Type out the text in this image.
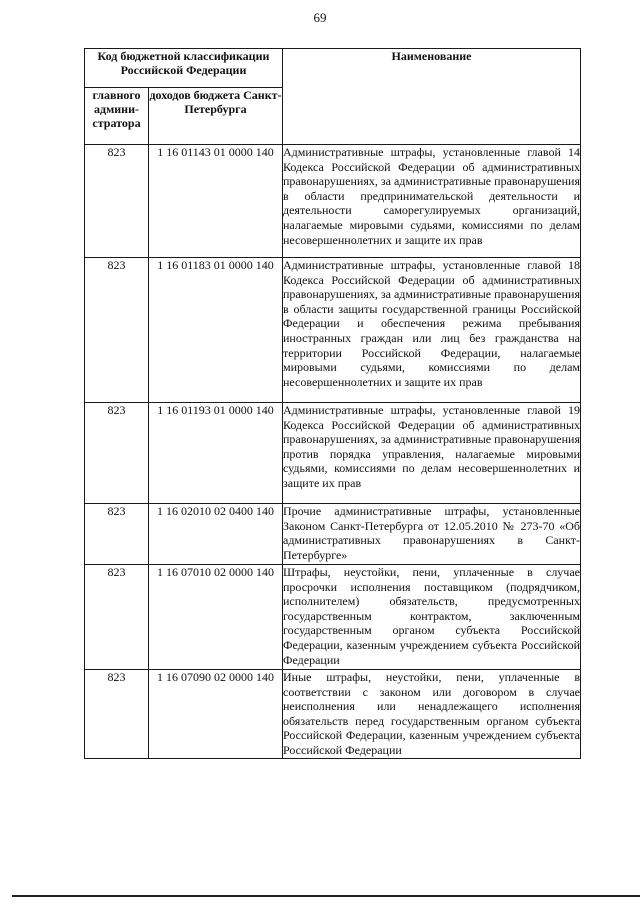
69
Код бюджетной классификации Российской Федерации		Наименование
главного админи-стратора	доходов бюджета Санкт-Петербурга	
823	1 16 01143 01 0000 140	Административные штрафы, установленные главой 14 Кодекса Российской Федерации об административных правонарушениях, за административные правонарушения в области предпринимательской деятельности и деятельности саморегулируемых организаций, налагаемые мировыми судьями, комиссиями по делам несовершеннолетних и защите их прав
823	1 16 01183 01 0000 140	Административные штрафы, установленные главой 18 Кодекса Российской Федерации об административных правонарушениях, за административные правонарушения в области защиты государственной границы Российской Федерации и обеспечения режима пребывания иностранных граждан или лиц без гражданства на территории Российской Федерации, налагаемые мировыми судьями, комиссиями по делам несовершеннолетних и защите их прав
823	1 16 01193 01 0000 140	Административные штрафы, установленные главой 19 Кодекса Российской Федерации об административных правонарушениях, за административные правонарушения против порядка управления, налагаемые мировыми судьями, комиссиями по делам несовершеннолетних и защите их прав
823	1 16 02010 02 0400 140	Прочие административные штрафы, установленные Законом Санкт-Петербурга от 12.05.2010 № 273-70 «Об административных правонарушениях в Санкт-Петербурге»
823	1 16 07010 02 0000 140	Штрафы, неустойки, пени, уплаченные в случае просрочки исполнения поставщиком (подрядчиком, исполнителем) обязательств, предусмотренных государственным контрактом, заключенным государственным органом субъекта Российской Федерации, казенным учреждением субъекта Российской Федерации
823	1 16 07090 02 0000 140	Иные штрафы, неустойки, пени, уплаченные в соответствии с законом или договором в случае неисполнения или ненадлежащего исполнения обязательств перед государственным органом субъекта Российской Федерации, казенным учреждением субъекта Российской Федерации
